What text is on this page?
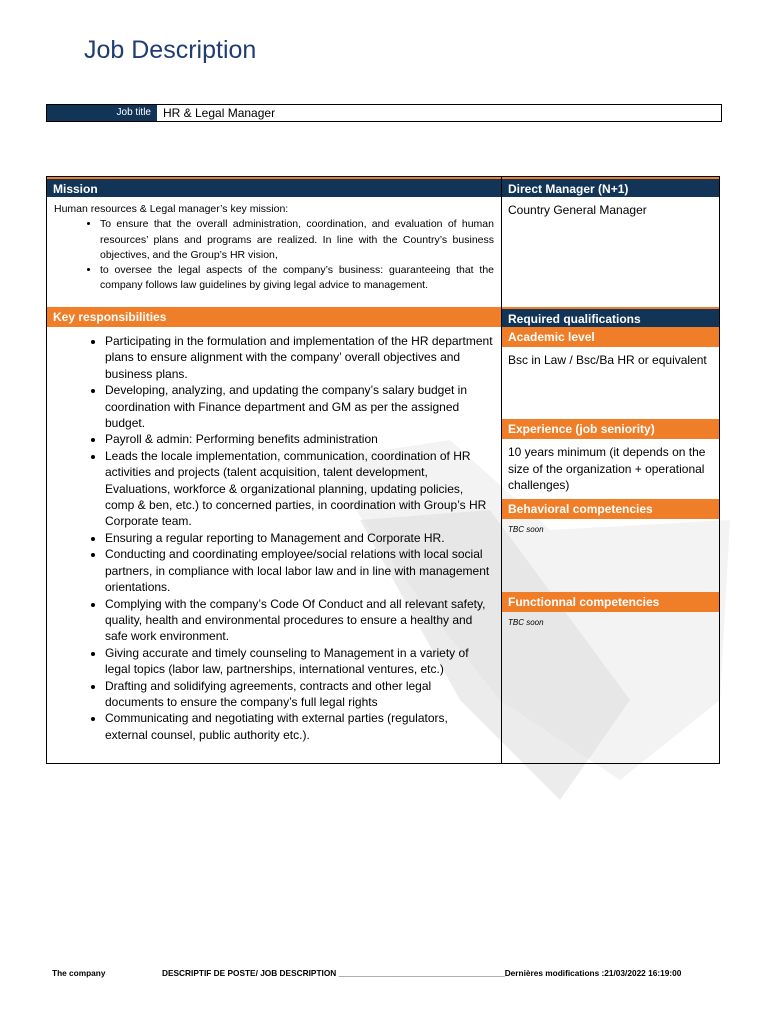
Job Description
Job title	HR & Legal Manager
Mission
Human resources & Legal manager’s key mission:
• To ensure that the overall administration, coordination, and evaluation of human resources’ plans and programs are realized. In line with the Country’s business objectives, and the Group’s HR vision,
• to oversee the legal aspects of the company’s business: guaranteeing that the company follows law guidelines by giving legal advice to management.
Key responsibilities
• Participating in the formulation and implementation of the HR department plans to ensure alignment with the company’ overall objectives and business plans.
• Developing, analyzing, and updating the company’s salary budget in coordination with Finance department and GM as per the assigned budget.
• Payroll & admin: Performing benefits administration
• Leads the locale implementation, communication, coordination of HR activities and projects (talent acquisition, talent development, Evaluations, workforce & organizational planning, updating policies, comp & ben, etc.) to concerned parties, in coordination with Group’s HR Corporate team.
• Ensuring a regular reporting to Management and Corporate HR.
• Conducting and coordinating employee/social relations with local social partners, in compliance with local labor law and in line with management orientations.
• Complying with the company’s Code Of Conduct and all relevant safety, quality, health and environmental procedures to ensure a healthy and safe work environment.
• Giving accurate and timely counseling to Management in a variety of legal topics (labor law, partnerships, international ventures, etc.)
• Drafting and solidifying agreements, contracts and other legal documents to ensure the company’s full legal rights
• Communicating and negotiating with external parties (regulators, external counsel, public authority etc.).
Direct Manager (N+1)
Country General Manager
Required qualifications
Academic level
Bsc in Law / Bsc/Ba HR or equivalent
Experience (job seniority)
10 years minimum (it depends on the size of the organization + operational challenges)
Behavioral competencies
TBC soon
Functionnal competencies
TBC soon
The company	DESCRIPTIF DE POSTE/ JOB DESCRIPTION ____________________________________Dernières modifications :21/03/2022 16:19:00
